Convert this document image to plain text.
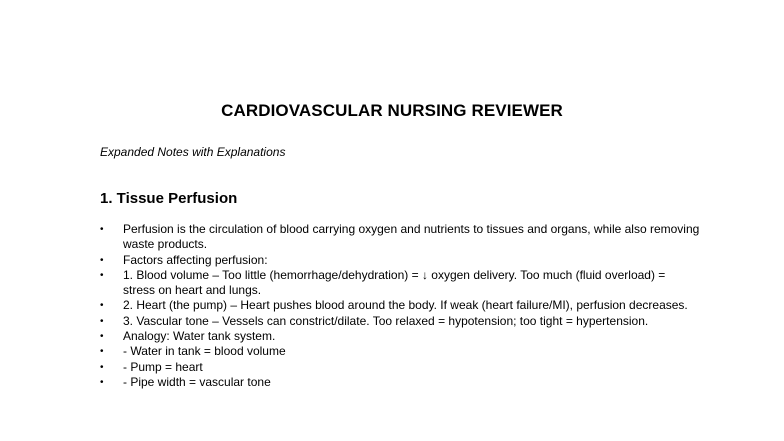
CARDIOVASCULAR NURSING REVIEWER
Expanded Notes with Explanations
1. Tissue Perfusion
• Perfusion is the circulation of blood carrying oxygen and nutrients to tissues and organs, while also removing waste products.
• Factors affecting perfusion:
• 1. Blood volume – Too little (hemorrhage/dehydration) = ↓ oxygen delivery. Too much (fluid overload) = stress on heart and lungs.
• 2. Heart (the pump) – Heart pushes blood around the body. If weak (heart failure/MI), perfusion decreases.
• 3. Vascular tone – Vessels can constrict/dilate. Too relaxed = hypotension; too tight = hypertension.
• Analogy: Water tank system.
• - Water in tank = blood volume
• - Pump = heart
• - Pipe width = vascular tone
